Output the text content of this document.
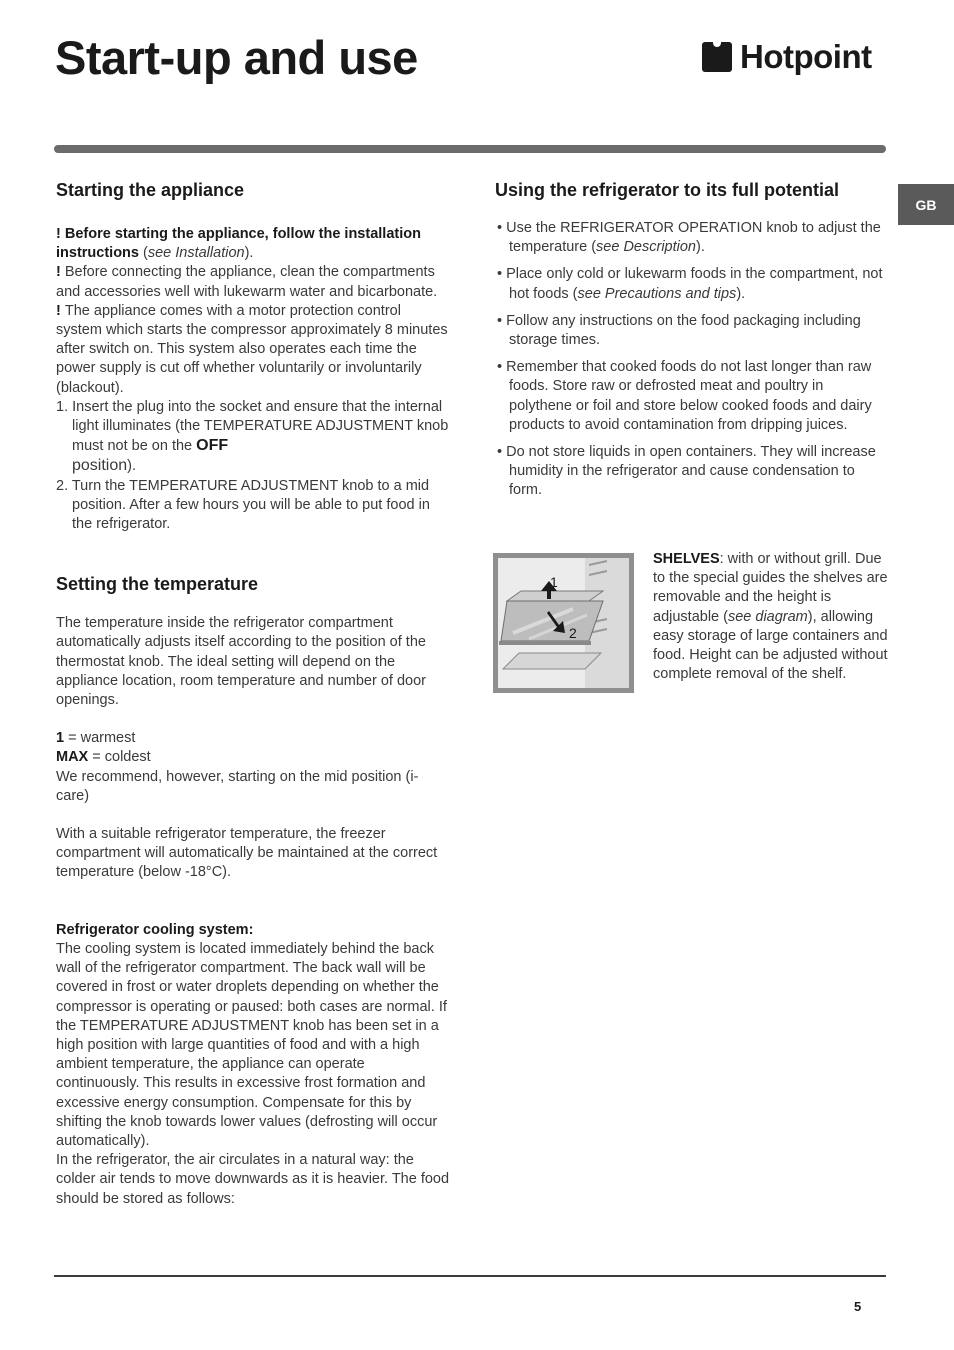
Start-up and use	Hotpoint
GB
Starting the appliance

! Before starting the appliance, follow the installation instructions (see Installation).

! Before connecting the appliance, clean the compartments and accessories well with lukewarm water and bicarbonate.

! The appliance comes with a motor protection control system which starts the compressor approximately 8 minutes after switch on. This system also operates each time the power supply is cut off whether voluntarily or involuntarily (blackout).

1. Insert the plug into the socket and ensure that the internal light illuminates (the TEMPERATURE ADJUSTMENT knob must not be on the OFF
position).

2. Turn the TEMPERATURE ADJUSTMENT knob to a mid position. After a few hours you will be able to put food in the refrigerator.

Setting the temperature

The temperature inside the refrigerator compartment automatically adjusts itself according to the position of the thermostat knob. The ideal setting will depend on the appliance location, room temperature and number of door openings.

1 = warmest

MAX = coldest

We recommend, however, starting on the mid position (i-care)

With a suitable refrigerator temperature, the freezer compartment will automatically be maintained at the correct temperature (below -18°C).

Refrigerator cooling system:

The cooling system is located immediately behind the back wall of the refrigerator compartment. The back wall will be covered in frost or water droplets depending on whether the compressor is operating or paused: both cases are normal. If the TEMPERATURE ADJUSTMENT knob has been set in a high position with large quantities of food and with a high ambient temperature, the appliance can operate continuously. This results in excessive frost formation and excessive energy consumption. Compensate for this by shifting the knob towards lower values (defrosting will occur automatically).

In the refrigerator, the air circulates in a natural way: the colder air tends to move downwards as it is heavier. The food should be stored as follows:

Using the refrigerator to its full potential
• Use the REFRIGERATOR OPERATION knob to adjust the temperature (see Description).
• Place only cold or lukewarm foods in the compartment, not hot foods (see Precautions and tips).
• Follow any instructions on the food packaging including storage times.
• Remember that cooked foods do not last longer than raw foods. Store raw or defrosted meat and poultry in polythene or foil and store below cooked foods and dairy products to avoid contamination from dripping juices.
• Do not store liquids in open containers. They will increase humidity in the refrigerator and cause condensation to form.
1
2

SHELVES: with or without grill. Due to the special guides the shelves are removable and the height is adjustable (see diagram), allowing easy storage of large containers and food. Height can be adjusted without complete removal of the shelf.

5
